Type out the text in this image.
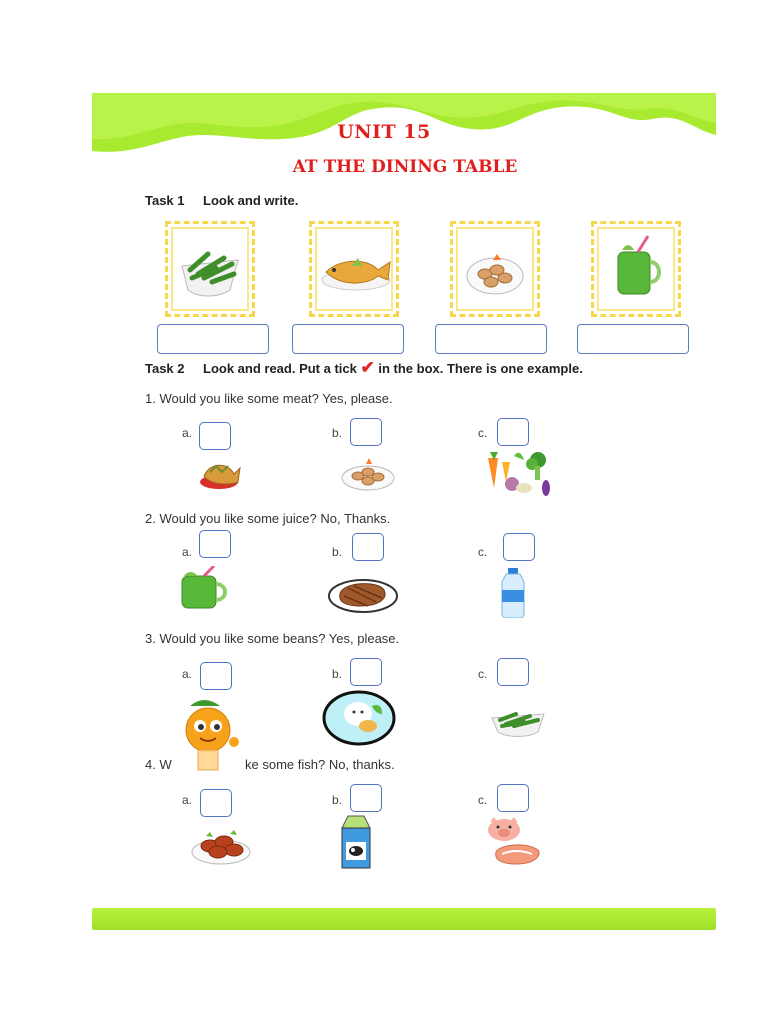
UNIT 15
AT THE DINING TABLE
Task 1 Look and write.
Task 2 Look and read. Put a tick ✔ in the box. There is one example.
1. Would you like some meat? Yes, please.
a.	b.	c.
2. Would you like some juice? No, Thanks.
a.	b.	c.
3. Would you like some beans? Yes, please.
a.	b.	c.
4. W	ke some fish? No, thanks.
a.	b.	c.
